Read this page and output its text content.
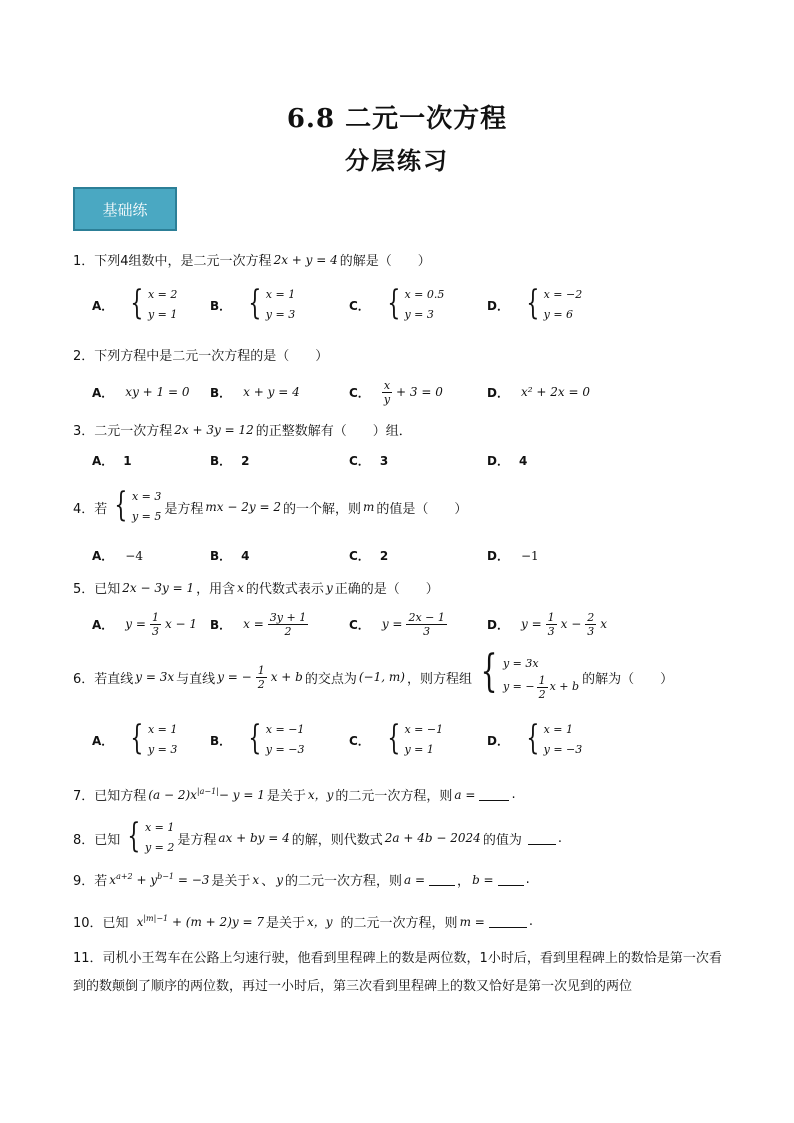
6.8 二元一次方程
分层练习
基础练
1． 下列4组数中，是二元一次方程 2x + y = 4 的解是（　　）
A． { x = 2
y = 1
B． { x = 1
y = 3
C． { x = 0.5
y = 3
D． { x = −2
y = 6
2． 下列方程中是二元一次方程的是（　　）
A． xy + 1 = 0 B． x + y = 4	C． $\frac{x}{y} + 3 = 0$	D． x² + 2x = 0
3． 二元一次方程 2x + 3y = 12 的正整数解有（　　）组．
A． 1	B． 2	C． 3	D． 4
4． 若 { x = 3
y = 5 是方程 mx − 2y = 2 的一个解，则 m 的值是（　　）
A． −4	B． 4	C． 2	D． −1
5． 已知 2x − 3y = 1 ，用含 x 的代数式表示 y 正确的是（　　）
A． $y = \frac{1}{3}$ x − 1 B． $x = \frac{3y + 1}{2}$	C． $y = \frac{2x - 1}{3}$	D． $y = \frac{1}{3}$ $x - \frac{2}{3}$ x
6． 若直线 y = 3x 与直线 y = − $\frac{1}{2}$ x + b 的交点为 (−1, m) ，则方程组 { y = 3x
y = − $\frac{1}{2}$ x + b 的解为（　　）
A． { x = 1
y = 3
B． { x = −1
y = −3
C． { x = −1
y = 1
D． { x = 1
y = −3
7． 已知方程 $(a - 2)x^{|a-1|}- y = 1$ 是关于 x，y 的二元一次方程，则 a =	.
8． 已知 { x = 1
y = 2 是方程 ax + by = 4 的解，则代数式 2a + 4b − 2024 的值为	.
9． 若 $x^{a+2} + y^{b-1} = -3$ 是关于 x 、 y 的二元一次方程，则 a = ， b = .
10． 已知 $x^{|m|-1} + (m + 2)y = 7$ 是关于 x，y 的二元一次方程，则 m =	.
11．司机小王驾车在公路上匀速行驶，他看到里程碑上的数是两位数，1小时后，看到里程碑上的数恰是第一次看到的数颠倒了顺序的两位数，再过一小时后，第三次看到里程碑上的数又恰好是第一次见到的两位
